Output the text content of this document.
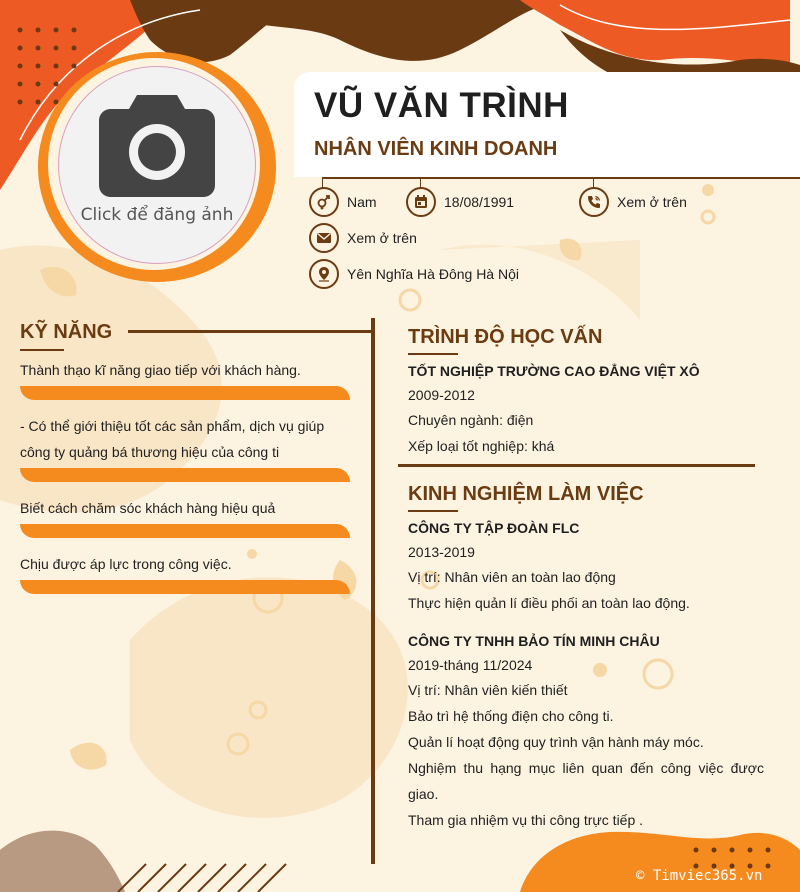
Click để đăng ảnh
VŨ VĂN TRÌNH
NHÂN VIÊN KINH DOANH
Nam	18/08/1991	Xem ở trên
Xem ở trên
Yên Nghĩa Hà Đông Hà Nội
KỸ NĂNG
Thành thạo kĩ năng giao tiếp với khách hàng.
- Có thể giới thiệu tốt các sản phẩm, dịch vụ giúp
công ty quảng bá thương hiệu của công ti
Biết cách chăm sóc khách hàng hiệu quả
Chịu được áp lực trong công việc.
TRÌNH ĐỘ HỌC VẤN
TỐT NGHIỆP TRƯỜNG CAO ĐẲNG VIỆT XÔ
2009-2012
Chuyên ngành: điện
Xếp loại tốt nghiệp: khá
KINH NGHIỆM LÀM VIỆC
CÔNG TY TẬP ĐOÀN FLC
2013-2019
Vị trí: Nhân viên an toàn lao động
Thực hiện quản lí điều phối an toàn lao động.
CÔNG TY TNHH BẢO TÍN MINH CHÂU
2019-tháng 11/2024
Vị trí: Nhân viên kiến thiết
Bảo trì hệ thống điện cho công ti.
Quản lí hoạt động quy trình vận hành máy móc.
Nghiệm thu hạng mục liên quan đến công việc được
giao.
Tham gia nhiệm vụ thi công trực tiếp .
© Timviec365.vn
